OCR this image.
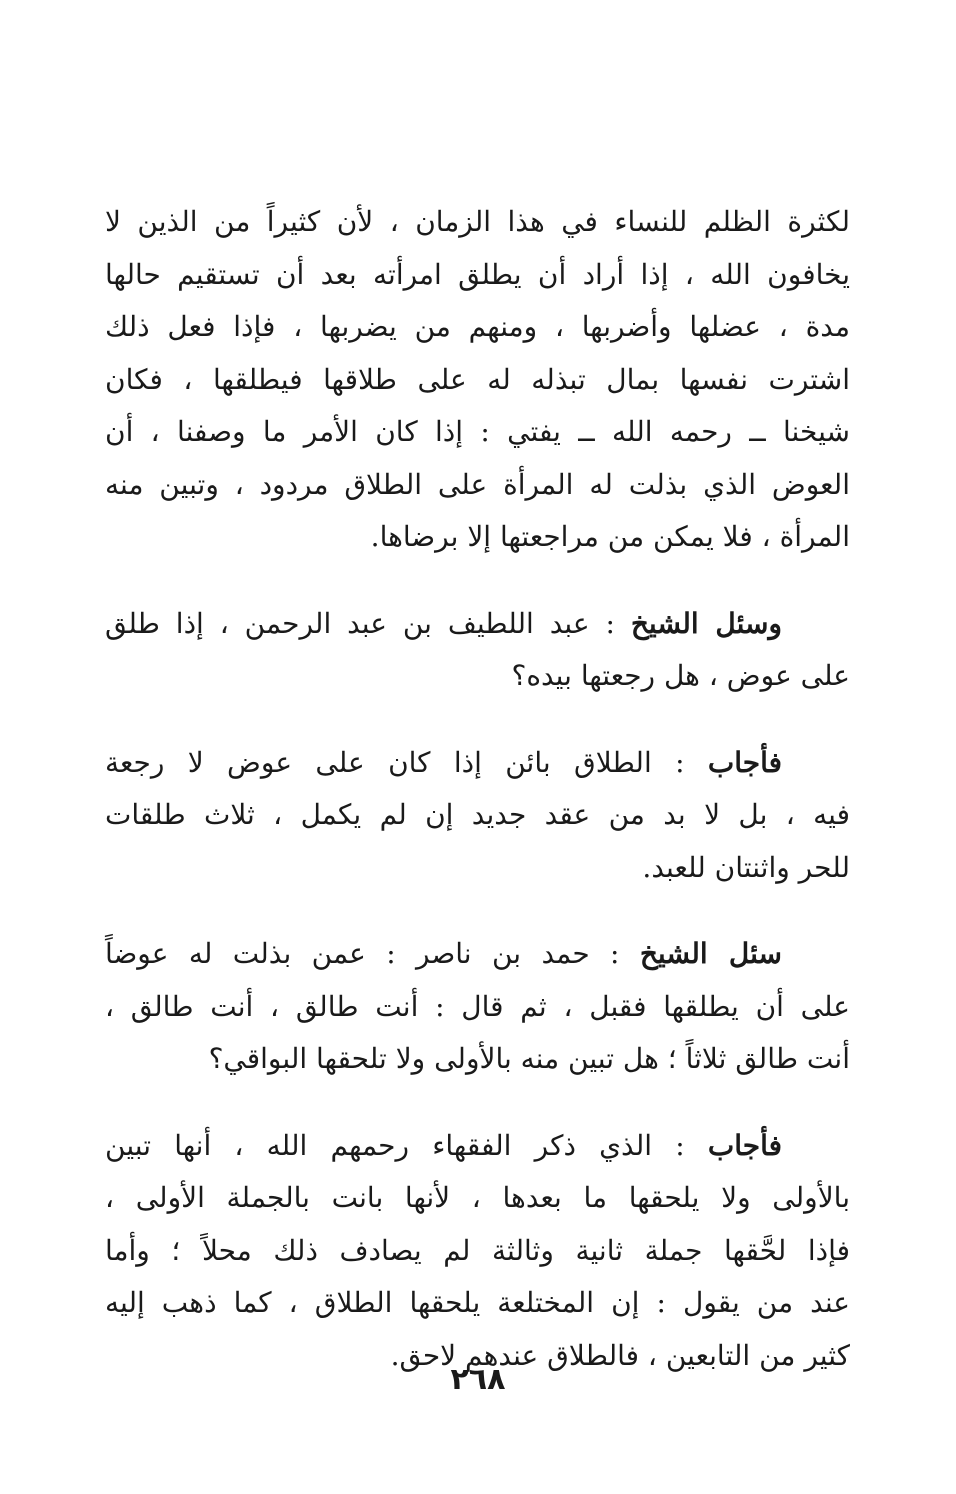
لكثرة الظلم للنساء في هذا الزمان ، لأن كثيراً من الذين لا
يخافون الله ، إذا أراد أن يطلق امرأته بعد أن تستقيم حالها
مدة ، عضلها وأضربها ، ومنهم من يضربها ، فإذا فعل ذلك
اشترت نفسها بمال تبذله له على طلاقها فيطلقها ، فكان
شيخنا ــ رحمه الله ــ يفتي : إذا كان الأمر ما وصفنا ، أن
العوض الذي بذلت له المرأة على الطلاق مردود ، وتبين منه
المرأة ، فلا يمكن من مراجعتها إلا برضاها.
وسئل الشيخ : عبد اللطيف بن عبد الرحمن ، إذا طلق
على عوض ، هل رجعتها بيده؟
فأجاب : الطلاق بائن إذا كان على عوض لا رجعة
فيه ، بل لا بد من عقد جديد إن لم يكمل ، ثلاث طلقات
للحر واثنتان للعبد.
سئل الشيخ : حمد بن ناصر : عمن بذلت له عوضاً
على أن يطلقها فقبل ، ثم قال : أنت طالق ، أنت طالق ،
أنت طالق ثلاثاً ؛ هل تبين منه بالأولى ولا تلحقها البواقي؟
فأجاب : الذي ذكر الفقهاء رحمهم الله ، أنها تبين
بالأولى ولا يلحقها ما بعدها ، لأنها بانت بالجملة الأولى ،
فإذا لحَّقها جملة ثانية وثالثة لم يصادف ذلك محلاً ؛ وأما
عند من يقول : إن المختلعة يلحقها الطلاق ، كما ذهب إليه
كثير من التابعين ، فالطلاق عندهم لاحق.
٢٦٨
